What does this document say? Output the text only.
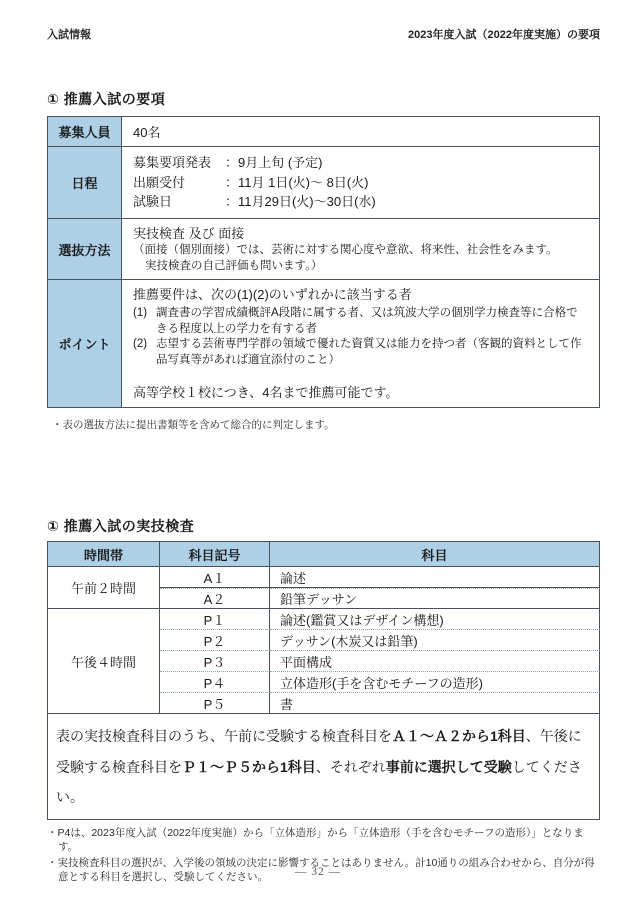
入試情報	2023年度入試（2022年度実施）の要項
① 推薦入試の要項
募集人員	40名
日程	
募集要項発表	：9月上旬 (予定)
出願受付	：11月 1日(火)～ 8日(火)
試験日	：11月29日(火)～30日(水)

選抜方法	実技検査 及び 面接
（面接（個別面接）では、芸術に対する関心度や意欲、将来性、社会性をみます。
実技検査の自己評価も問います。）

ポイント	
推薦要件は、次の(1)(2)のいずれかに該当する者
(1) 調査書の学習成績概評A段階に属する者、又は筑波大学の個別学力検査等に合格できる程度以上の学力を有する者
(2) 志望する芸術専門学群の領域で優れた資質又は能力を持つ者（客観的資料として作品写真等があれば適宜添付のこと）
高等学校１校につき、4名まで推薦可能です。
・表の選抜方法に提出書類等を含めて総合的に判定します。
① 推薦入試の実技検査
時間帯	科目記号	科目
午前２時間	A１	論述
	A２	鉛筆デッサン
午後４時間	P１	論述(鑑賞又はデザイン構想)
	P２	デッサン(木炭又は鉛筆)
	P３	平面構成
	P４	立体造形(手を含むモチーフの造形)
	P５	書
表の実技検査科目のうち、午前に受験する検査科目をＡ１～Ａ２から1科目、午後に
受験する検査科目をＰ１～Ｐ５から1科目、それぞれ事前に選択して受験してください。		
・P4は、2023年度入試（2022年度実施）から「立体造形」から「立体造形（手を含むモチーフの造形）」となります。
・実技検査科目の選択が、入学後の領域の決定に影響することはありません。計10通りの組み合わせから、自分が得意とする科目を選択し、受験してください。	— 32 —
